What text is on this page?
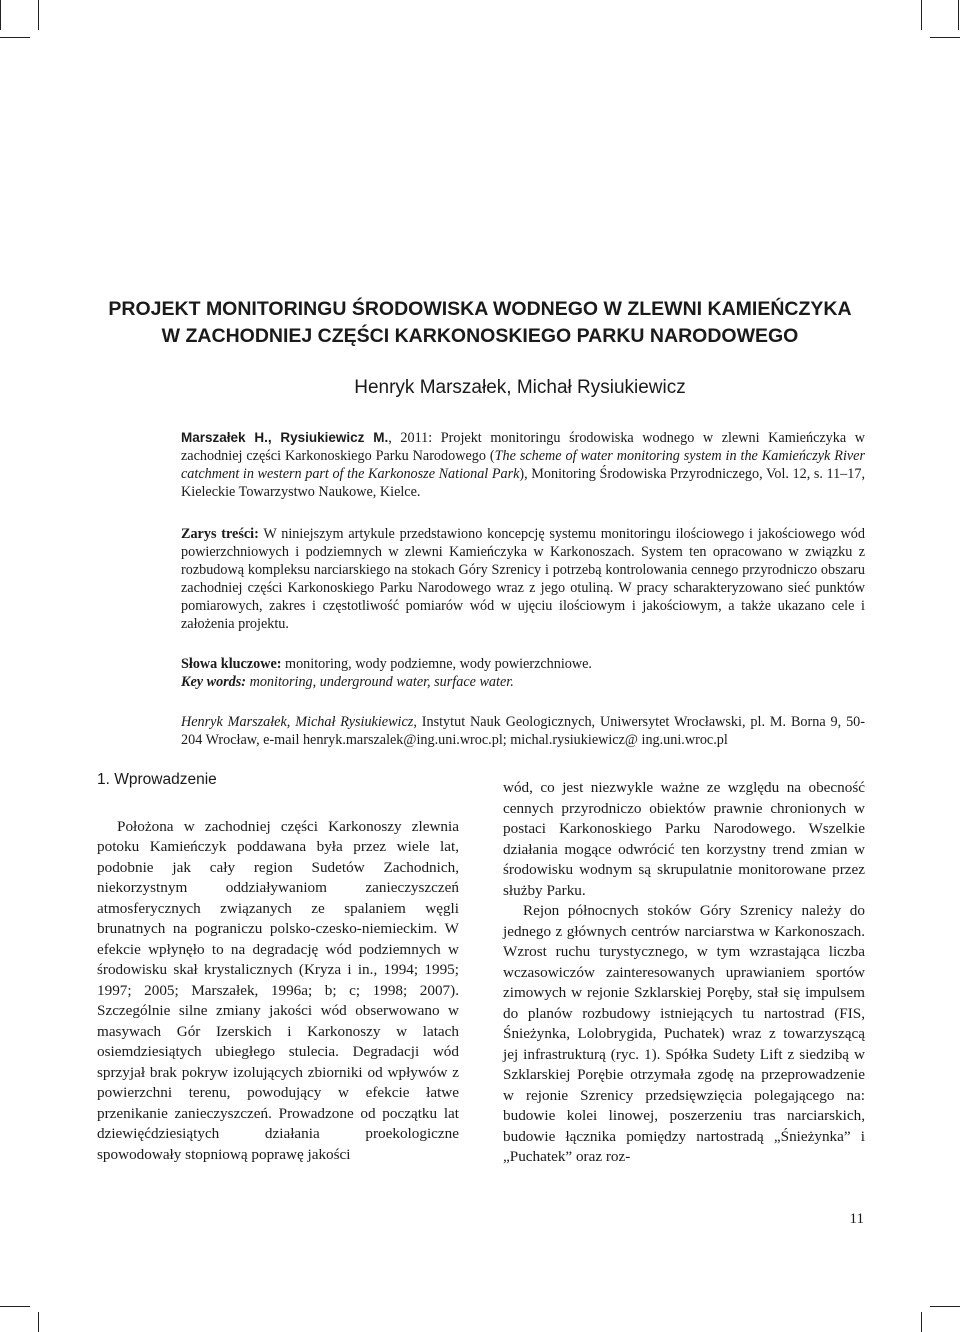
PROJEKT MONITORINGU ŚRODOWISKA WODNEGO W ZLEWNI KAMIEŃCZYKA
W ZACHODNIEJ CZĘŚCI KARKONOSKIEGO PARKU NARODOWEGO
Henryk Marszałek, Michał Rysiukiewicz

Marszałek H., Rysiukiewicz M., 2011: Projekt monitoringu środowiska wodnego w zlewni Kamieńczyka w zachodniej części Karkonoskiego Parku Narodowego (The scheme of water monitoring system in the Kamieńczyk River catchment in western part of the Karkonosze National Park), Monitoring Środowiska Przyrodniczego, Vol. 12, s. 11–17, Kieleckie Towarzystwo Naukowe, Kielce.

Zarys treści: W niniejszym artykule przedstawiono koncepcję systemu monitoringu ilościowego i jakościowego wód powierzchniowych i podziemnych w zlewni Kamieńczyka w Karkonoszach. System ten opracowano w związku z rozbudową kompleksu narciarskiego na stokach Góry Szrenicy i potrzebą kontrolowania cennego przyrodniczo obszaru zachodniej części Karkonoskiego Parku Narodowego wraz z jego otuliną. W pracy scharakteryzowano sieć punktów pomiarowych, zakres i częstotliwość pomiarów wód w ujęciu ilościowym i jakościowym, a także ukazano cele i założenia projektu.

Słowa kluczowe: monitoring, wody podziemne, wody powierzchniowe.

Key words: monitoring, underground water, surface water.

Henryk Marszałek, Michał Rysiukiewicz, Instytut Nauk Geologicznych, Uniwersytet Wrocławski, pl. M. Borna 9, 50-204 Wrocław, e-mail henryk.marszalek@ing.uni.wroc.pl; michal.rysiukiewicz@ ing.uni.wroc.pl

1. Wprowadzenie

Położona w zachodniej części Karkonoszy zlewnia potoku Kamieńczyk poddawana była przez wiele lat, podobnie jak cały region Sudetów Zachodnich, niekorzystnym oddziaływaniom zanieczyszczeń atmosferycznych związanych ze spalaniem węgli brunatnych na pograniczu polsko-czesko-niemieckim. W efekcie wpłynęło to na degradację wód podziemnych w środowisku skał krystalicznych (Kryza i in., 1994; 1995; 1997; 2005; Marszałek, 1996a; b; c; 1998; 2007). Szczególnie silne zmiany jakości wód obserwowano w masywach Gór Izerskich i Karkonoszy w latach osiemdziesiątych ubiegłego stulecia. Degradacji wód sprzyjał brak pokryw izolujących zbiorniki od wpływów z powierzchni terenu, powodujący w efekcie łatwe przenikanie zanieczyszczeń. Prowadzone od początku lat dziewięćdziesiątych działania proekologiczne spowodowały stopniową poprawę jakości

wód, co jest niezwykle ważne ze względu na obecność cennych przyrodniczo obiektów prawnie chronionych w postaci Karkonoskiego Parku Narodowego. Wszelkie działania mogące odwrócić ten korzystny trend zmian w środowisku wodnym są skrupulatnie monitorowane przez służby Parku.

Rejon północnych stoków Góry Szrenicy należy do jednego z głównych centrów narciarstwa w Karkonoszach. Wzrost ruchu turystycznego, w tym wzrastająca liczba wczasowiczów zainteresowanych uprawianiem sportów zimowych w rejonie Szklarskiej Poręby, stał się impulsem do planów rozbudowy istniejących tu nartostrad (FIS, Śnieżynka, Lolobrygida, Puchatek) wraz z towarzyszącą jej infrastrukturą (ryc. 1). Spółka Sudety Lift z siedzibą w Szklarskiej Porębie otrzymała zgodę na przeprowadzenie w rejonie Szrenicy przedsięwzięcia polegającego na: budowie kolei linowej, poszerzeniu tras narciarskich, budowie łącznika pomiędzy nartostradą „Śnieżynka” i „Puchatek” oraz roz-

11
